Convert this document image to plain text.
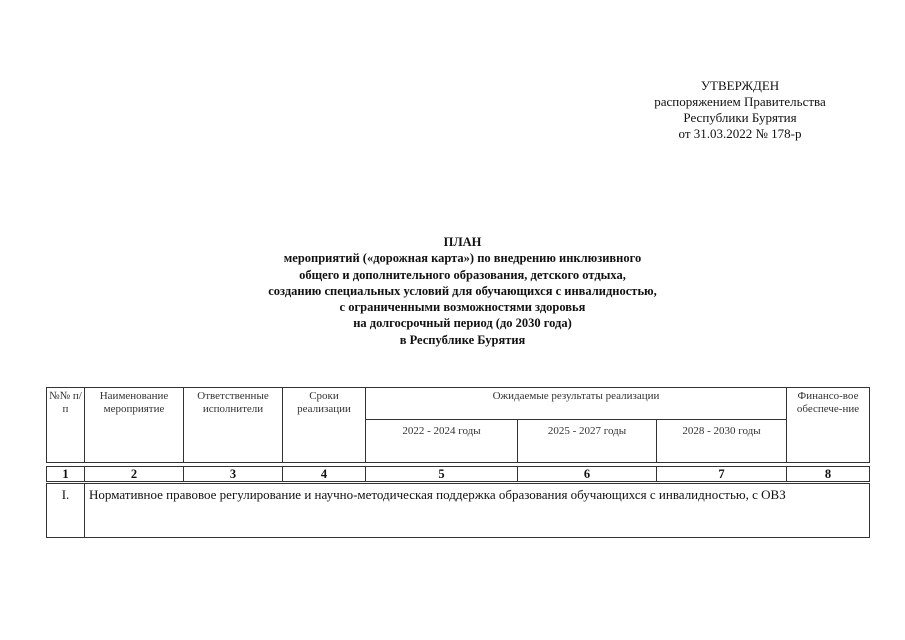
УТВЕРЖДЕН
распоряжением Правительства
Республики Бурятия
от 31.03.2022 № 178-р
ПЛАН
мероприятий («дорожная карта») по внедрению инклюзивного
общего и дополнительного образования, детского отдыха,
созданию специальных условий для обучающихся с инвалидностью,
с ограниченными возможностями здоровья
на долгосрочный период (до 2030 года)
в Республике Бурятия
№№ п/п	Наименование мероприятие	Ответственные исполнители	Сроки реализации	Ожидаемые результаты реализации			Финансо-вое обеспече-ние
				2022 - 2024 годы	2025 - 2027 годы	2028 - 2030 годы	
1	2	3	4	5	6	7	8
I.	Нормативное правовое регулирование и научно-методическая поддержка образования обучающихся с инвалидностью, с ОВЗ
